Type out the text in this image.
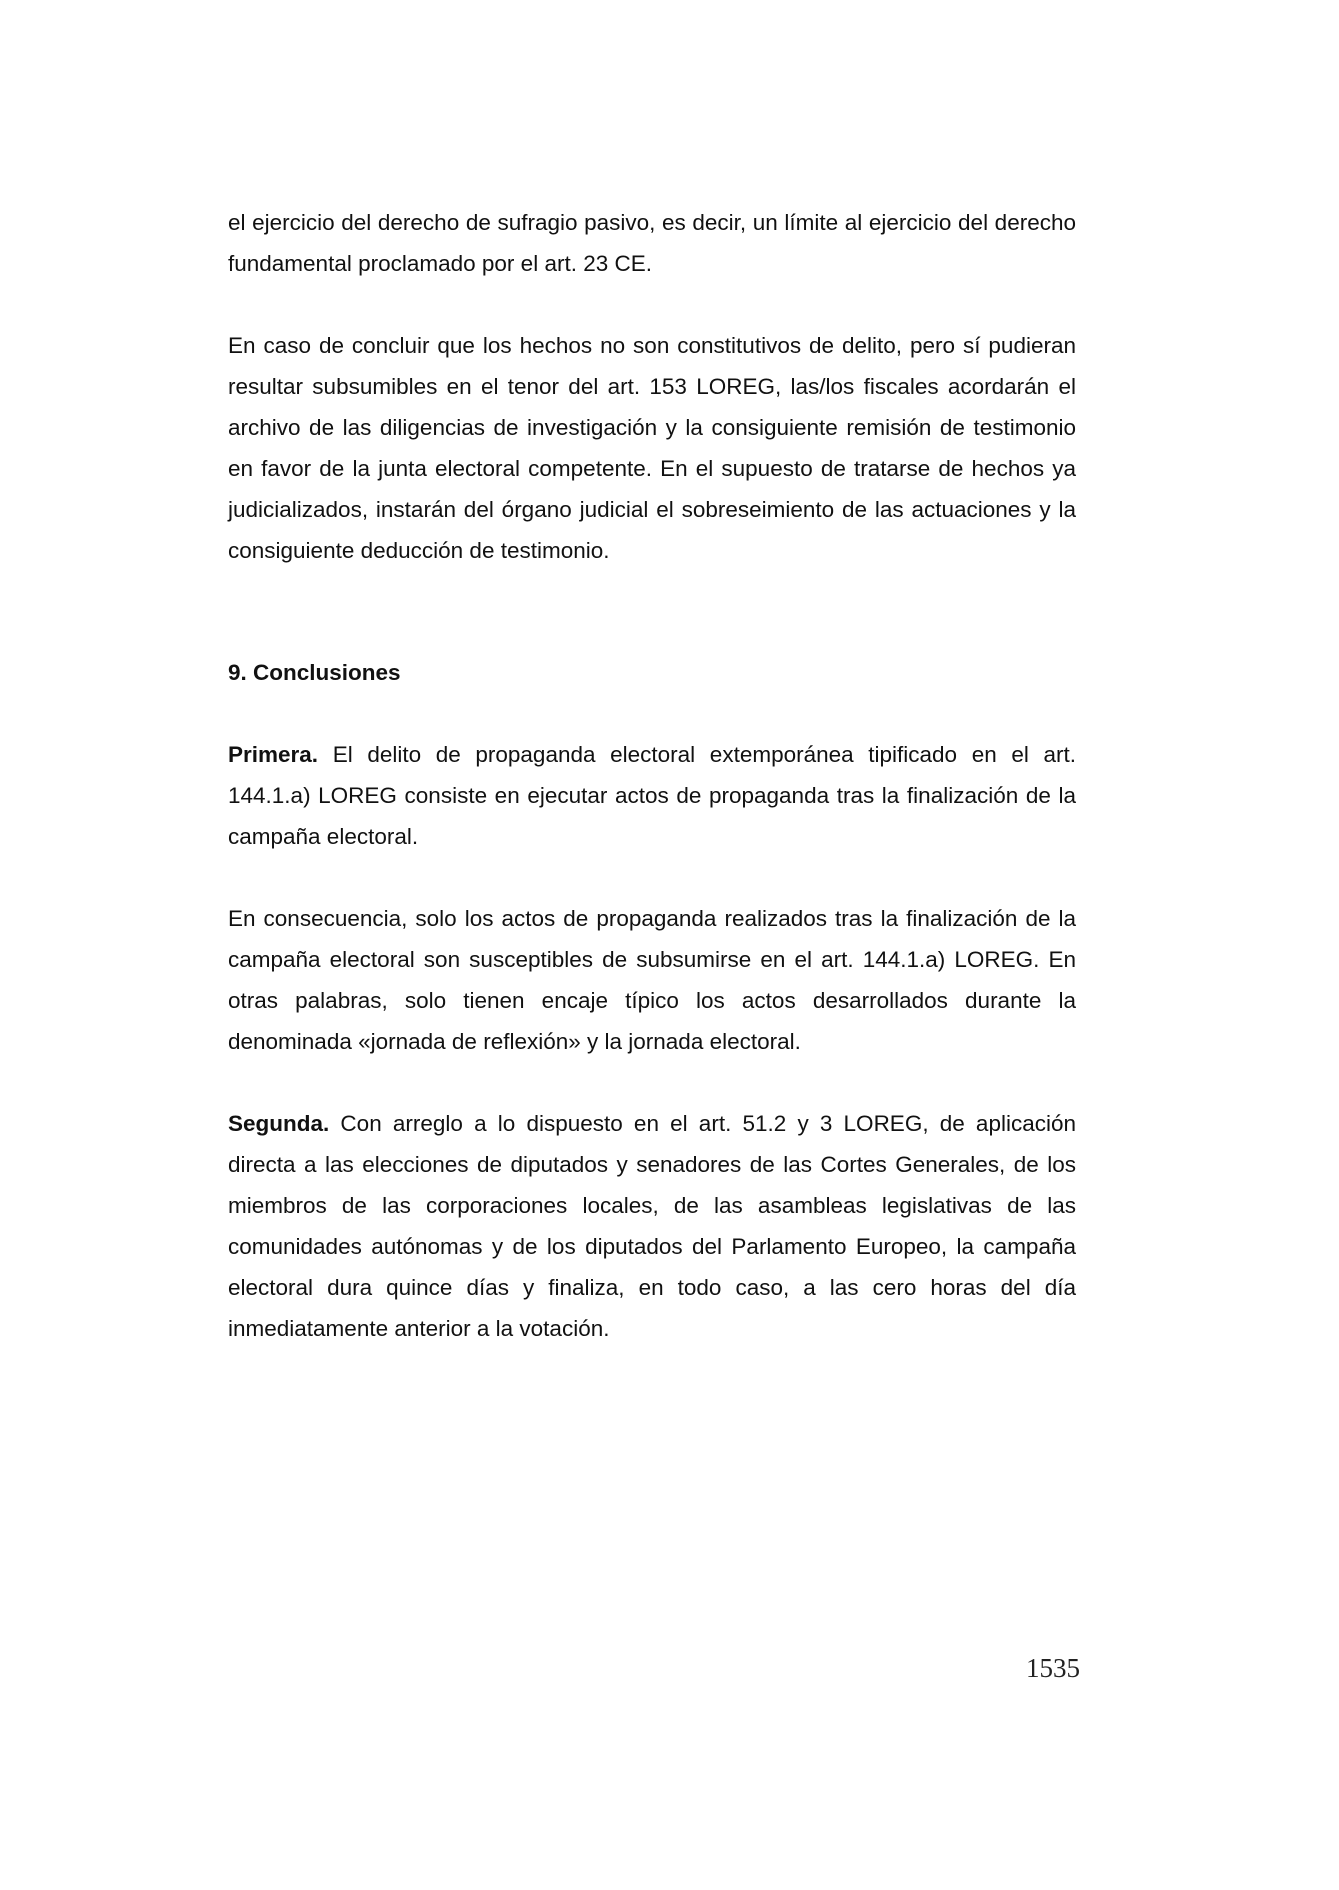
el ejercicio del derecho de sufragio pasivo, es decir, un límite al ejercicio del derecho fundamental proclamado por el art. 23 CE.

En caso de concluir que los hechos no son constitutivos de delito, pero sí pudieran resultar subsumibles en el tenor del art. 153 LOREG, las/los fiscales acordarán el archivo de las diligencias de investigación y la consiguiente remisión de testimonio en favor de la junta electoral competente. En el supuesto de tratarse de hechos ya judicializados, instarán del órgano judicial el sobreseimiento de las actuaciones y la consiguiente deducción de testimonio.

9. Conclusiones

Primera. El delito de propaganda electoral extemporánea tipificado en el art. 144.1.a) LOREG consiste en ejecutar actos de propaganda tras la finalización de la campaña electoral.

En consecuencia, solo los actos de propaganda realizados tras la finalización de la campaña electoral son susceptibles de subsumirse en el art. 144.1.a) LOREG. En otras palabras, solo tienen encaje típico los actos desarrollados durante la denominada «jornada de reflexión» y la jornada electoral.

Segunda. Con arreglo a lo dispuesto en el art. 51.2 y 3 LOREG, de aplicación directa a las elecciones de diputados y senadores de las Cortes Generales, de los miembros de las corporaciones locales, de las asambleas legislativas de las comunidades autónomas y de los diputados del Parlamento Europeo, la campaña electoral dura quince días y finaliza, en todo caso, a las cero horas del día inmediatamente anterior a la votación.

1535
